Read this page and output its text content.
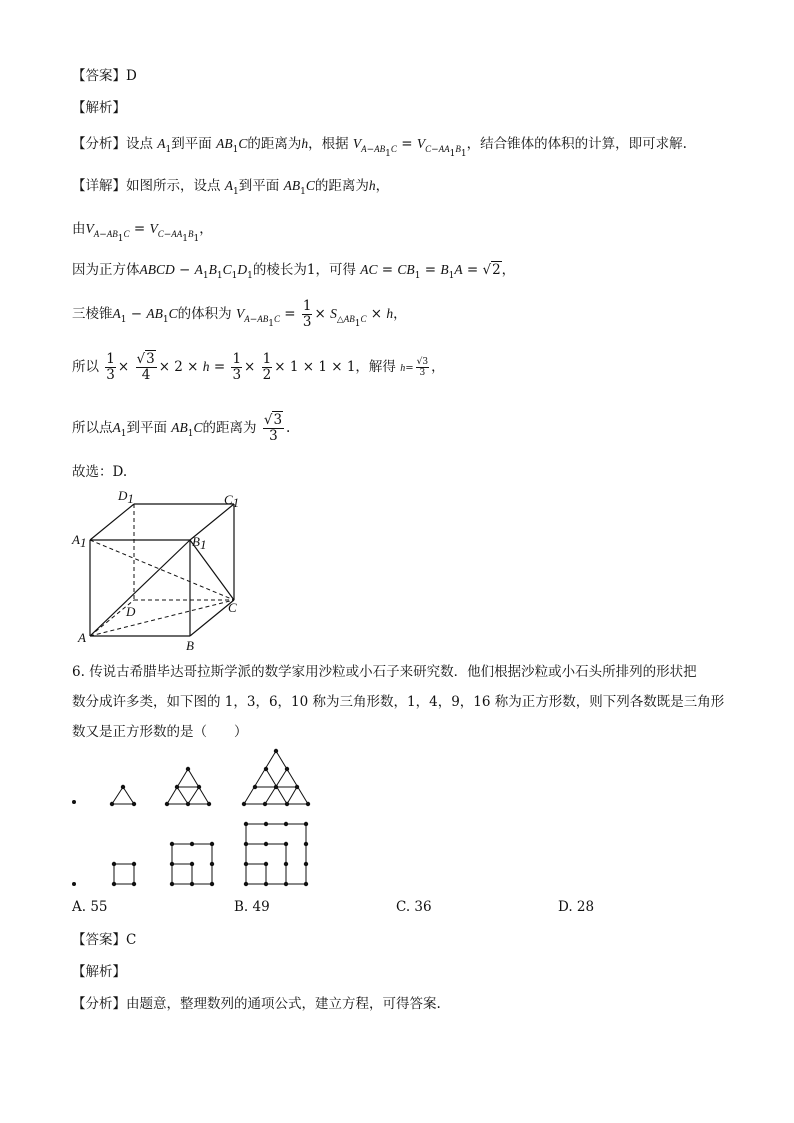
【答案】D
【解析】
【分析】设点 $A_1$到平面 $AB_1C$的距离为h，根据 $V_{A-AB_1C} = V_{C-AA_1B_1}$，结合锥体的体积的计算，即可求解.
【详解】如图所示，设点 $A_1$到平面 $AB_1C$的距离为h，
由$V_{A-AB_1C} = V_{C-AA_1B_1}$，
因为正方体ABCD − $A_1B_1C_1D_1$的棱长为1，可得 AC = $CB_1 = B_1A = √2$，
三棱锥$A_1 - AB_1C$的体积为 $V_{A-AB_1C} = \frac{1}{3} \times S_{\triangle AB_1C} \times h$，
所以 $\frac{1}{3} \times \frac{√3}{4} \times 2 \times h = \frac{1}{3} \times \frac{1}{2} \times 1 \times 1 \times 1$，解得 $h= \frac{√3}{3}$ ，
所以点$A_1$到平面 $AB_1C$的距离为 $\frac{√3}{3}$ .
故选：D.
D1	C1
A1	B1
D	C
A
B
6. 传说古希腊毕达哥拉斯学派的数学家用沙粒或小石子来研究数．他们根据沙粒或小石头所排列的形状把
数分成许多类，如下图的 1，3，6，10 称为三角形数，1，4，9，16 称为正方形数，则下列各数既是三角形
数又是正方形数的是（　　）
A. 55	B. 49	C. 36	D. 28
【答案】C
【解析】
【分析】由题意，整理数列的通项公式，建立方程，可得答案.
